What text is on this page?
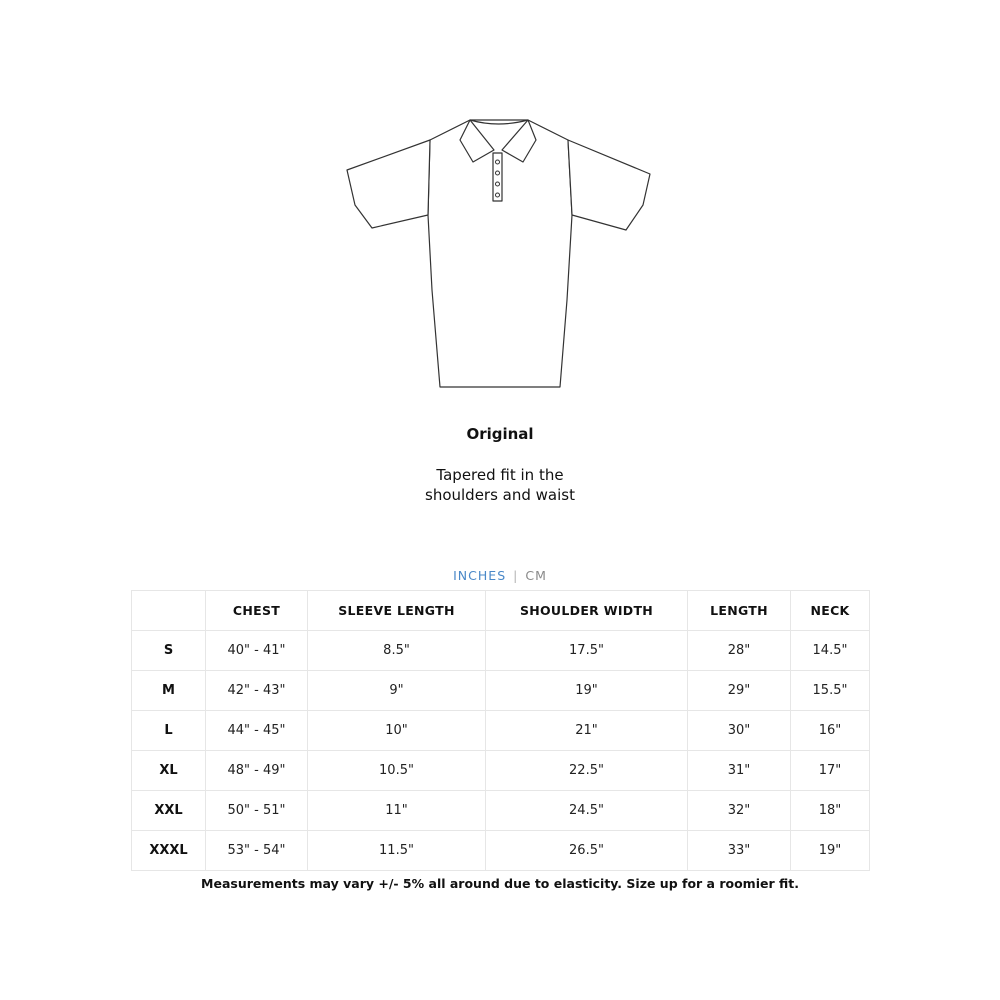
Original
Tapered fit in the
shoulders and waist
INCHES | CM
	CHEST	SLEEVE LENGTH	SHOULDER WIDTH	LENGTH	NECK
S	40" - 41"	8.5"	17.5"	28"	14.5"
M	42" - 43"	9"	19"	29"	15.5"
L	44" - 45"	10"	21"	30"	16"
XL	48" - 49"	10.5"	22.5"	31"	17"
XXL	50" - 51"	11"	24.5"	32"	18"
XXXL	53" - 54"	11.5"	26.5"	33"	19"
Measurements may vary +/- 5% all around due to elasticity. Size up for a roomier fit.
